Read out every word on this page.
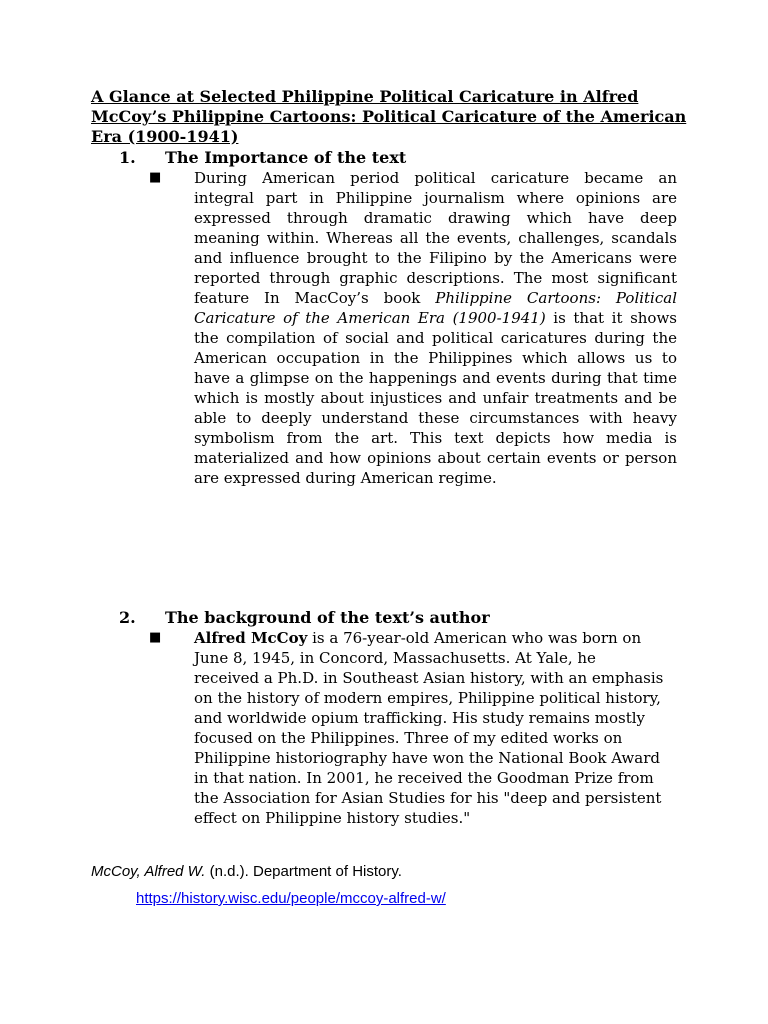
A Glance at Selected Philippine Political Caricature in Alfred McCoy’s Philippine Cartoons: Political Caricature of the American Era (1900-1941)
1. The Importance of the text
■ During American period political caricature became an integral part in Philippine journalism where opinions are expressed through dramatic drawing which have deep meaning within. Whereas all the events, challenges, scandals and influence brought to the Filipino by the Americans were reported through graphic descriptions. The most significant feature In MacCoy’s book Philippine Cartoons: Political Caricature of the American Era (1900-1941) is that it shows the compilation of social and political caricatures during the American occupation in the Philippines which allows us to have a glimpse on the happenings and events during that time which is mostly about injustices and unfair treatments and be able to deeply understand these circumstances with heavy symbolism from the art. This text depicts how media is materialized and how opinions about certain events or person are expressed during American regime.

2. The background of the text’s author
■ Alfred McCoy is a 76-year-old American who was born on June 8, 1945, in Concord, Massachusetts. At Yale, he received a Ph.D. in Southeast Asian history, with an emphasis on the history of modern empires, Philippine political history, and worldwide opium trafficking. His study remains mostly focused on the Philippines. Three of my edited works on Philippine historiography have won the National Book Award in that nation. In 2001, he received the Goodman Prize from the Association for Asian Studies for his "deep and persistent effect on Philippine history studies."

McCoy, Alfred W. (n.d.). Department of History.
https://history.wisc.edu/people/mccoy-alfred-w/
